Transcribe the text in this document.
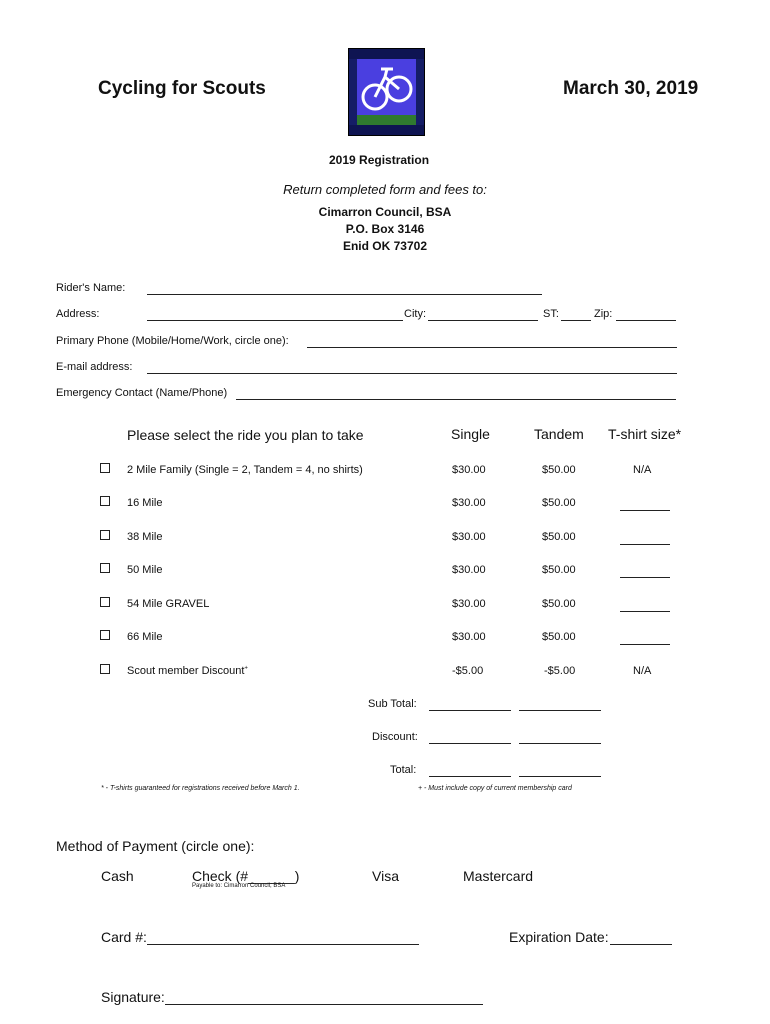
Cycling for Scouts	March 30, 2019
2019 Registration
Return completed form and fees to:
Cimarron Council, BSA
P.O. Box 3146
Enid OK 73702
Rider's Name:
Address:	City:	ST:	Zip:
Primary Phone (Mobile/Home/Work, circle one):
E-mail address:
Emergency Contact (Name/Phone)
Please select the ride you plan to take	Single	Tandem T-shirt size*
2 Mile Family (Single = 2, Tandem = 4, no shirts)	$30.00	$50.00	N/A
16 Mile	$30.00	$50.00
38 Mile	$30.00	$50.00
50 Mile	$30.00	$50.00
54 Mile GRAVEL	$30.00	$50.00
66 Mile	$30.00	$50.00
Scout member Discount+	-$5.00	-$5.00	N/A
Sub Total:
Discount:
Total:
* - T-shirts guaranteed for registrations received before March 1.	+ - Must include copy of current membership card
Method of Payment (circle one):
Cash	Check (#______)
Payable to: Cimarron Council, BSA
Visa	Mastercard
Card #:	Expiration Date:
Signature:
